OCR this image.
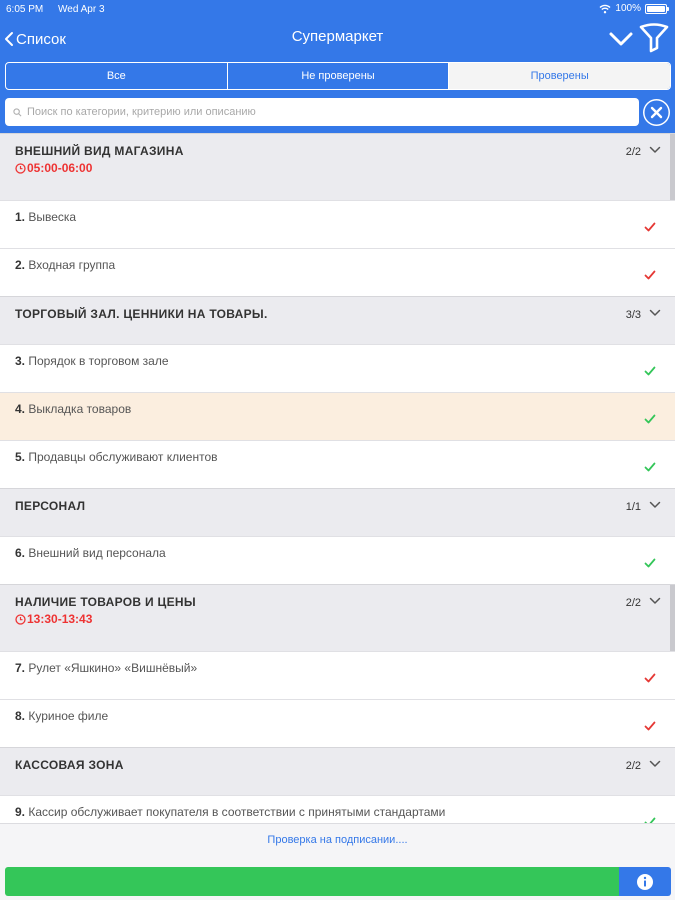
6:05 PM Wed Apr 3	100%
Список	Супермаркет
Все	Не проверены	Проверены
Поиск по категории, критерию или описанию
ВНЕШНИЙ ВИД МАГАЗИНА
05:00-06:00
2/2
1. Вывеска
2. Входная группа
ТОРГОВЫЙ ЗАЛ. ЦЕННИКИ НА ТОВАРЫ.	3/3
3. Порядок в торговом зале
4. Выкладка товаров
5. Продавцы обслуживают клиентов
ПЕРСОНАЛ	1/1
6. Внешний вид персонала
НАЛИЧИЕ ТОВАРОВ И ЦЕНЫ
13:30-13:43
2/2
7. Рулет «Яшкино» «Вишнёвый»
8. Куриное филе
КАССОВАЯ ЗОНА	2/2
9. Кассир обслуживает покупателя в соответствии с принятыми стандартами
Проверка на подписании....
